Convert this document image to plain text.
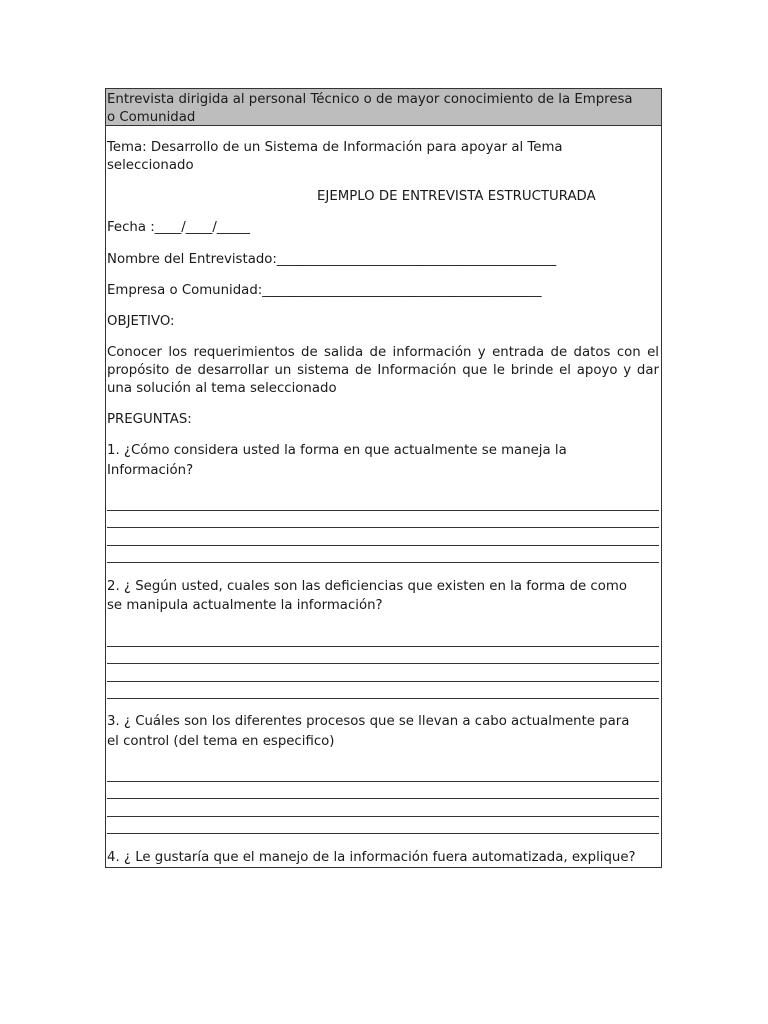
Entrevista dirigida al personal Técnico o de mayor conocimiento de la Empresa
o Comunidad
Tema: Desarrollo de un Sistema de Información para apoyar al Tema
seleccionado
EJEMPLO DE ENTREVISTA ESTRUCTURADA
Fecha :____/____/_____
Nombre del Entrevistado:__________________________________________
Empresa o Comunidad:__________________________________________
OBJETIVO:
Conocer los requerimientos de salida de información y entrada de datos con el propósito de desarrollar un sistema de Información que le brinde el apoyo y dar una solución al tema seleccionado
PREGUNTAS:
1. ¿Cómo considera usted la forma en que actualmente se maneja la
Información?
2. ¿ Según usted, cuales son las deficiencias que existen en la forma de como
se manipula actualmente la información?
3. ¿ Cuáles son los diferentes procesos que se llevan a cabo actualmente para
el control (del tema en especifico)
4. ¿ Le gustaría que el manejo de la información fuera automatizada, explique?
